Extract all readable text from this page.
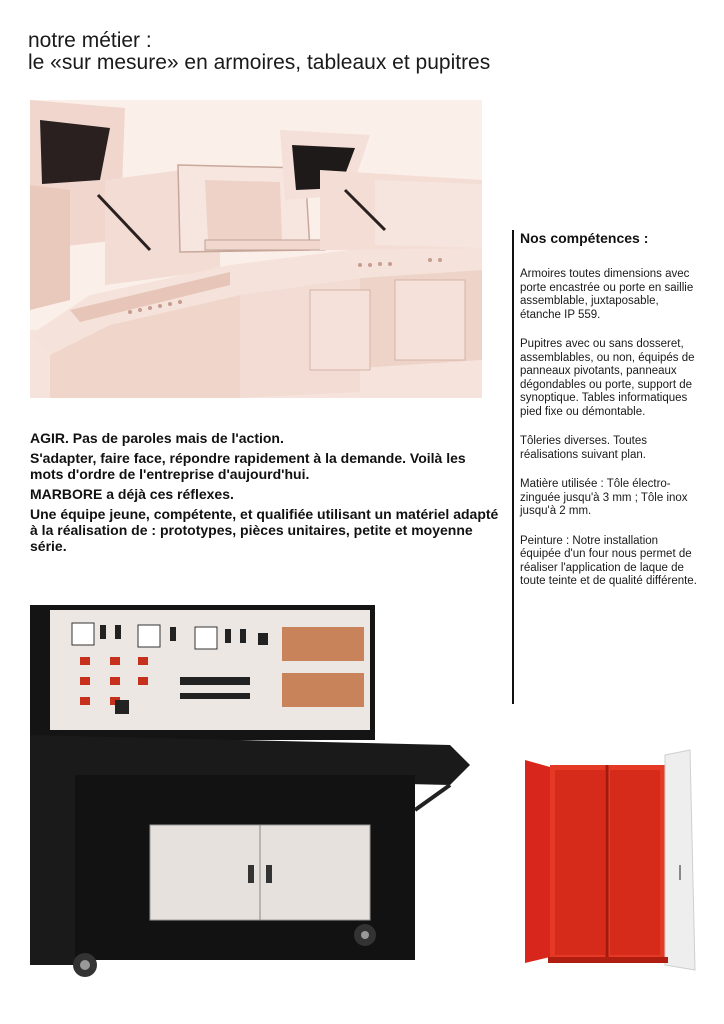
notre métier :
le «sur mesure» en armoires, tableaux et pupitres
Nos compétences :

Armoires toutes dimensions avec porte encastrée ou porte en saillie assemblable, juxtaposable, étanche IP 559.

Pupitres avec ou sans dosseret, assemblables, ou non, équipés de panneaux pivotants, panneaux dégondables ou porte, support de synoptique. Tables informatiques pied fixe ou démontable.

Tôleries diverses. Toutes réalisations suivant plan.

Matière utilisée : Tôle électro-zinguée jusqu'à 3 mm ; Tôle inox jusqu'à 2 mm.

Peinture : Notre installation équipée d'un four nous permet de réaliser l'application de laque de toute teinte et de qualité différente.

AGIR. Pas de paroles mais de l'action.

S'adapter, faire face, répondre rapidement à la demande. Voilà les mots d'ordre de l'entreprise d'aujourd'hui.

MARBORE a déjà ces réflexes.

Une équipe jeune, compétente, et qualifiée utilisant un matériel adapté à la réalisation de : prototypes, pièces unitaires, petite et moyenne série.
